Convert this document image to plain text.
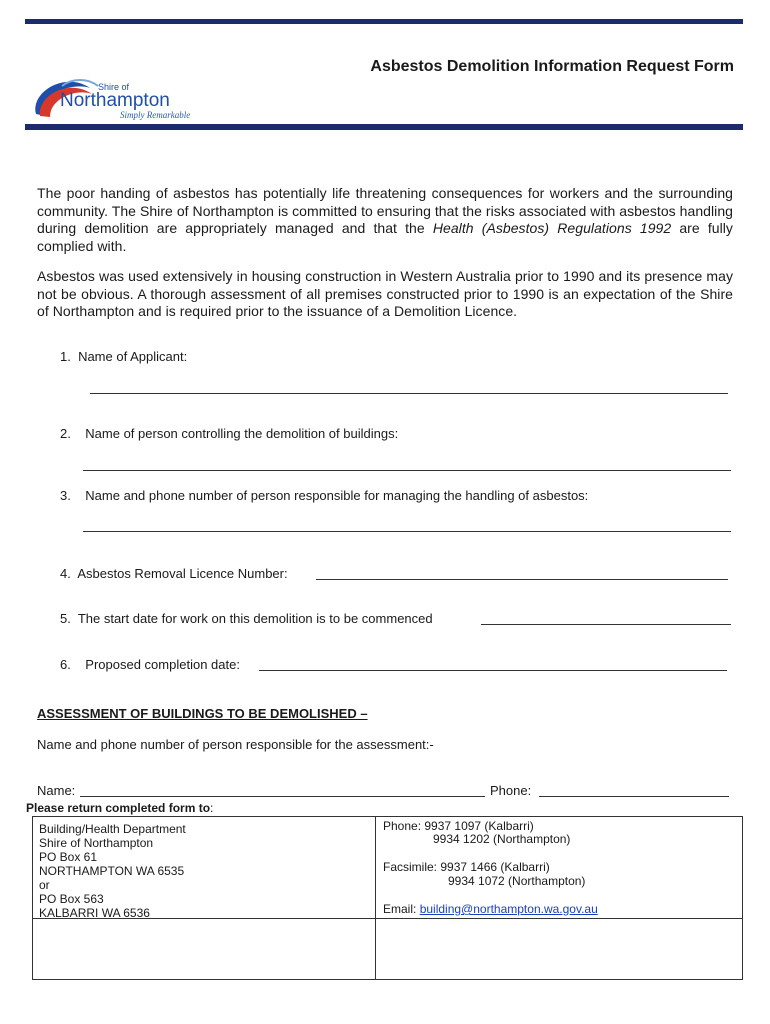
Shire of
Northampton
Simply Remarkable
Asbestos Demolition Information Request Form
The poor handing of asbestos has potentially life threatening consequences for workers and the surrounding community. The Shire of Northampton is committed to ensuring that the risks associated with asbestos handling during demolition are appropriately managed and that the Health (Asbestos) Regulations 1992 are fully complied with.
Asbestos was used extensively in housing construction in Western Australia prior to 1990 and its presence may not be obvious. A thorough assessment of all premises constructed prior to 1990 is an expectation of the Shire of Northampton and is required prior to the issuance of a Demolition Licence.
1.  Name of Applicant:
2.    Name of person controlling the demolition of buildings:
3.    Name and phone number of person responsible for managing the handling of asbestos:
4.  Asbestos Removal Licence Number:
5.  The start date for work on this demolition is to be commenced
6.    Proposed completion date:
ASSESSMENT OF BUILDINGS TO BE DEMOLISHED –
Name and phone number of person responsible for the assessment:-
Name:	Phone:
Please return completed form to:
Building/Health Department
Shire of Northampton
PO Box 61
NORTHAMPTON WA 6535
or
PO Box 563
KALBARRI WA 6536
Phone: 9937 1097 (Kalbarri)
9934 1202 (Northampton)
Facsimile: 9937 1466 (Kalbarri)
9934 1072 (Northampton)
Email: building@northampton.wa.gov.au
